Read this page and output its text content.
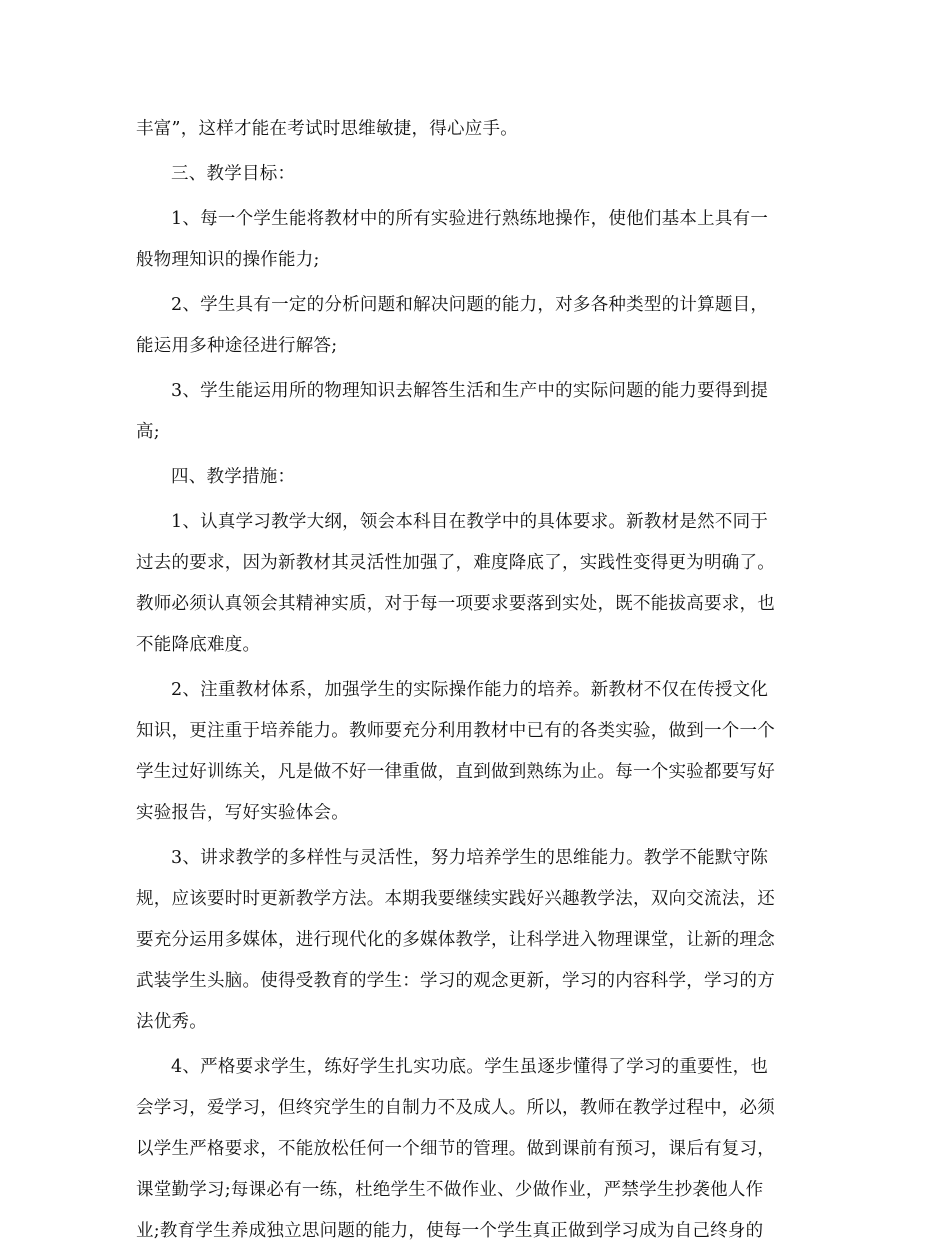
丰富”，这样才能在考试时思维敏捷，得心应手。
三、教学目标：
1、每一个学生能将教材中的所有实验进行熟练地操作，使他们基本上具有一
般物理知识的操作能力;
2、学生具有一定的分析问题和解决问题的能力，对多各种类型的计算题目，
能运用多种途径进行解答;
3、学生能运用所的物理知识去解答生活和生产中的实际问题的能力要得到提
高;
四、教学措施：
1、认真学习教学大纲，领会本科目在教学中的具体要求。新教材是然不同于
过去的要求，因为新教材其灵活性加强了，难度降底了，实践性变得更为明确了。
教师必须认真领会其精神实质，对于每一项要求要落到实处，既不能拔高要求，也
不能降底难度。
2、注重教材体系，加强学生的实际操作能力的培养。新教材不仅在传授文化
知识，更注重于培养能力。教师要充分利用教材中已有的各类实验，做到一个一个
学生过好训练关，凡是做不好一律重做，直到做到熟练为止。每一个实验都要写好
实验报告，写好实验体会。
3、讲求教学的多样性与灵活性，努力培养学生的思维能力。教学不能默守陈
规，应该要时时更新教学方法。本期我要继续实践好兴趣教学法，双向交流法，还
要充分运用多媒体，进行现代化的多媒体教学，让科学进入物理课堂，让新的理念
武装学生头脑。使得受教育的学生：学习的观念更新，学习的内容科学，学习的方
法优秀。
4、严格要求学生，练好学生扎实功底。学生虽逐步懂得了学习的重要性，也
会学习，爱学习，但终究学生的自制力不及成人。所以，教师在教学过程中，必须
以学生严格要求，不能放松任何一个细节的管理。做到课前有预习，课后有复习，
课堂勤学习;每课必有一练，杜绝学生不做作业、少做作业，严禁学生抄袭他人作
业;教育学生养成独立思问题的能力，使每一个学生真正做到学习成为自己终身的
